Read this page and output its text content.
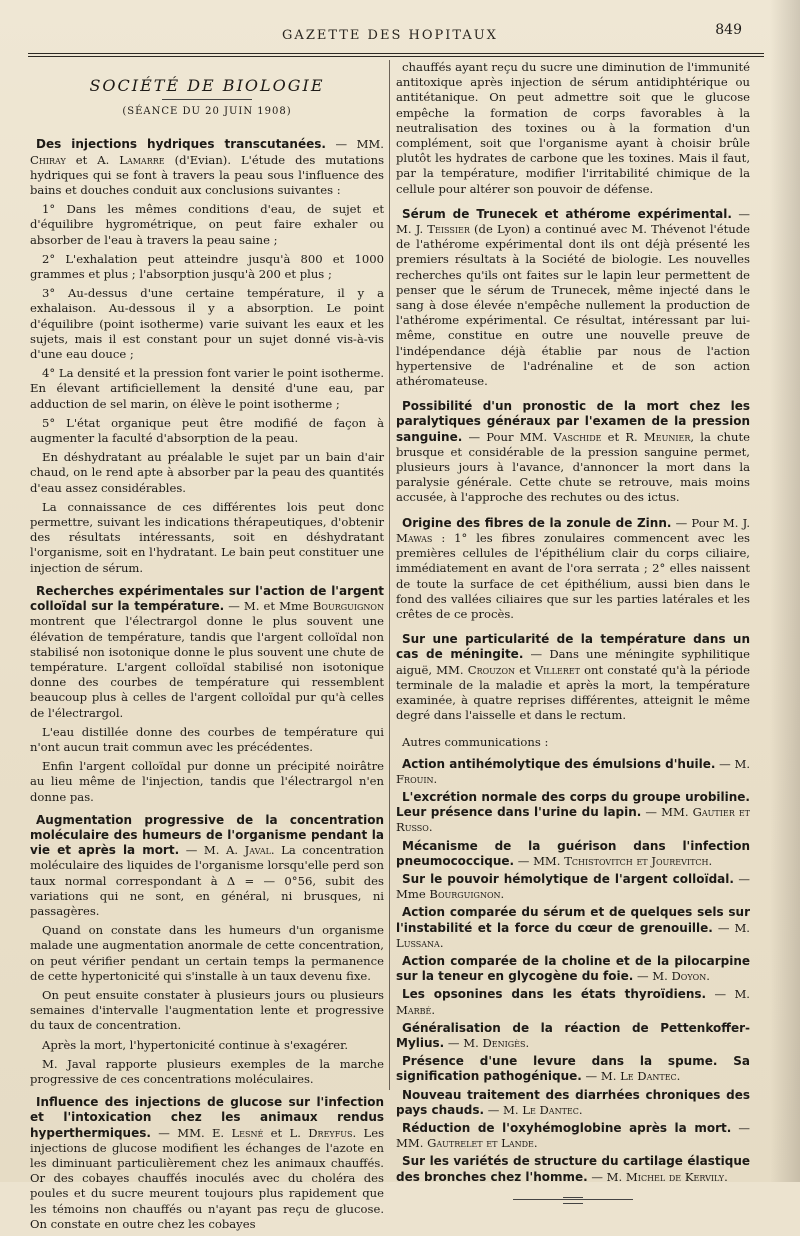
GAZETTE DES HOPITAUX	849
SOCIÉTÉ DE BIOLOGIE
(SÉANCE DU 20 JUIN 1908)

Des injections hydriques transcutanées. — MM. Chiray et A. Lamarre (d'Evian). L'étude des mutations hydriques qui se font à travers la peau sous l'influence des bains et douches conduit aux conclusions suivantes :

1° Dans les mêmes conditions d'eau, de sujet et d'équilibre hygrométrique, on peut faire exhaler ou absorber de l'eau à travers la peau saine ;

2° L'exhalation peut atteindre jusqu'à 800 et 1000 grammes et plus ; l'absorption jusqu'à 200 et plus ;

3° Au-dessus d'une certaine température, il y a exhalaison. Au-dessous il y a absorption. Le point d'équilibre (point isotherme) varie suivant les eaux et les sujets, mais il est constant pour un sujet donné vis-à-vis d'une eau douce ;

4° La densité et la pression font varier le point isotherme. En élevant artificiellement la densité d'une eau, par adduction de sel marin, on élève le point isotherme ;

5° L'état organique peut être modifié de façon à augmenter la faculté d'absorption de la peau.

En déshydratant au préalable le sujet par un bain d'air chaud, on le rend apte à absorber par la peau des quantités d'eau assez considérables.

La connaissance de ces différentes lois peut donc permettre, suivant les indications thérapeutiques, d'obtenir des résultats intéressants, soit en déshydratant l'organisme, soit en l'hydratant. Le bain peut constituer une injection de sérum.

Recherches expérimentales sur l'action de l'argent colloïdal sur la température. — M. et Mme Bourguignon montrent que l'électrargol donne le plus souvent une élévation de température, tandis que l'argent colloïdal non stabilisé non isotonique donne le plus souvent une chute de température. L'argent colloïdal stabilisé non isotonique donne des courbes de température qui ressemblent beaucoup plus à celles de l'argent colloïdal pur qu'à celles de l'électrargol.

L'eau distillée donne des courbes de température qui n'ont aucun trait commun avec les précédentes.

Enfin l'argent colloïdal pur donne un précipité noirâtre au lieu même de l'injection, tandis que l'électrargol n'en donne pas.

Augmentation progressive de la concentration moléculaire des humeurs de l'organisme pendant la vie et après la mort. — M. A. Javal. La concentration moléculaire des liquides de l'organisme lorsqu'elle perd son taux normal correspondant à Δ = — 0°56, subit des variations qui ne sont, en général, ni brusques, ni passagères.

Quand on constate dans les humeurs d'un organisme malade une augmentation anormale de cette concentration, on peut vérifier pendant un certain temps la permanence de cette hypertonicité qui s'installe à un taux devenu fixe.

On peut ensuite constater à plusieurs jours ou plusieurs semaines d'intervalle l'augmentation lente et progressive du taux de concentration.

Après la mort, l'hypertonicité continue à s'exagérer.

M. Javal rapporte plusieurs exemples de la marche progressive de ces concentrations moléculaires.

Influence des injections de glucose sur l'infection et l'intoxication chez les animaux rendus hyperthermiques. — MM. E. Lesné et L. Dreyfus. Les injections de glucose modifient les échanges de l'azote en les diminuant particulièrement chez les animaux chauffés. Or des cobayes chauffés inoculés avec du choléra des poules et du sucre meurent toujours plus rapidement que les témoins non chauffés ou n'ayant pas reçu de glucose. On constate en outre chez les cobayes

chauffés ayant reçu du sucre une diminution de l'immunité antitoxique après injection de sérum antidiphtérique ou antitétanique. On peut admettre soit que le glucose empêche la formation de corps favorables à la neutralisation des toxines ou à la formation d'un complément, soit que l'organisme ayant à choisir brûle plutôt les hydrates de carbone que les toxines. Mais il faut, par la température, modifier l'irritabilité chimique de la cellule pour altérer son pouvoir de défense.

Sérum de Trunecek et athérome expérimental. — M. J. Teissier (de Lyon) a continué avec M. Thévenot l'étude de l'athérome expérimental dont ils ont déjà présenté les premiers résultats à la Société de biologie. Les nouvelles recherches qu'ils ont faites sur le lapin leur permettent de penser que le sérum de Trunecek, même injecté dans le sang à dose élevée n'empêche nullement la production de l'athérome expérimental. Ce résultat, intéressant par lui-même, constitue en outre une nouvelle preuve de l'indépendance déjà établie par nous de l'action hypertensive de l'adrénaline et de son action athéromateuse.

Possibilité d'un pronostic de la mort chez les paralytiques généraux par l'examen de la pression sanguine. — Pour MM. Vaschide et R. Meunier, la chute brusque et considérable de la pression sanguine permet, plusieurs jours à l'avance, d'annoncer la mort dans la paralysie générale. Cette chute se retrouve, mais moins accusée, à l'approche des rechutes ou des ictus.

Origine des fibres de la zonule de Zinn. — Pour M. J. Mawas : 1° les fibres zonulaires commencent avec les premières cellules de l'épithélium clair du corps ciliaire, immédiatement en avant de l'ora serrata ; 2° elles naissent de toute la surface de cet épithélium, aussi bien dans le fond des vallées ciliaires que sur les parties latérales et les crêtes de ce procès.

Sur une particularité de la température dans un cas de méningite. — Dans une méningite syphilitique aiguë, MM. Crouzon et Villeret ont constaté qu'à la période terminale de la maladie et après la mort, la température examinée, à quatre reprises différentes, atteignit le même degré dans l'aisselle et dans le rectum.

Autres communications :

Action antihémolytique des émulsions d'huile. — M. Frouin.

L'excrétion normale des corps du groupe urobiline. Leur présence dans l'urine du lapin. — MM. Gautier et Russo.

Mécanisme de la guérison dans l'infection pneumococcique. — MM. Tchistovitch et Jourevitch.

Sur le pouvoir hémolytique de l'argent colloïdal. — Mme Bourguignon.

Action comparée du sérum et de quelques sels sur l'instabilité et la force du cœur de grenouille. — M. Lussana.

Action comparée de la choline et de la pilocarpine sur la teneur en glycogène du foie. — M. Doyon.

Les opsonines dans les états thyroïdiens. — M. Marbé.

Généralisation de la réaction de Pettenkoffer-Mylius. — M. Denigès.

Présence d'une levure dans la spume. Sa signification pathogénique. — M. Le Dantec.

Nouveau traitement des diarrhées chroniques des pays chauds. — M. Le Dantec.

Réduction de l'oxyhémoglobine après la mort. — MM. Gautrelet et Lande.

Sur les variétés de structure du cartilage élastique des bronches chez l'homme. — M. Michel de Kervily.
